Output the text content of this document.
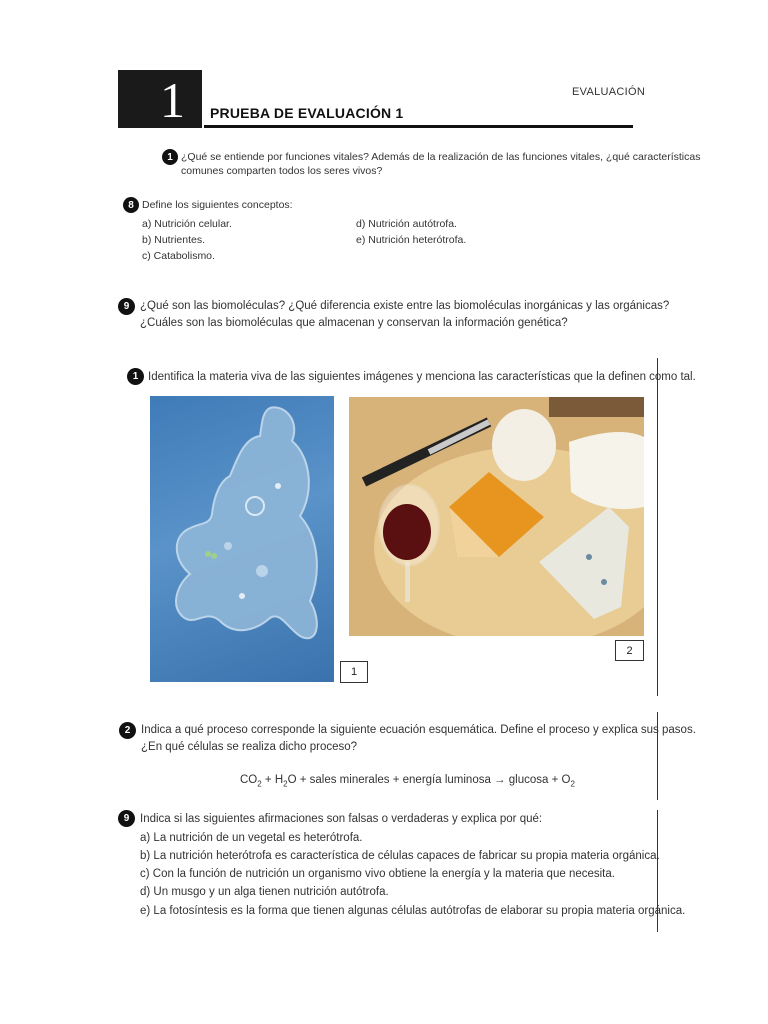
1 PRUEBA DE EVALUACIÓN 1
EVALUACIÓN
1 ¿Qué se entiende por funciones vitales? Además de la realización de las funciones vitales, ¿qué características
comunes comparten todos los seres vivos?
8 Define los siguientes conceptos:
a) Nutrición celular.
b) Nutrientes.
c) Catabolismo.
d) Nutrición autótrofa.
e) Nutrición heterótrofa.
9 ¿Qué son las biomoléculas? ¿Qué diferencia existe entre las biomoléculas inorgánicas y las orgánicas?
¿Cuáles son las biomoléculas que almacenan y conservan la información genética?
1 Identifica la materia viva de las siguientes imágenes y menciona las características que la definen como tal.
1
2
2 Indica a qué proceso corresponde la siguiente ecuación esquemática. Define el proceso y explica sus pasos.
¿En qué células se realiza dicho proceso?
$CO_2 + H_2O$ + sales minerales + energía luminosa → $glucosa + O_2$
9 Indica si las siguientes afirmaciones son falsas o verdaderas y explica por qué:
a) La nutrición de un vegetal es heterótrofa.
b) La nutrición heterótrofa es característica de células capaces de fabricar su propia materia orgánica.
c) Con la función de nutrición un organismo vivo obtiene la energía y la materia que necesita.
d) Un musgo y un alga tienen nutrición autótrofa.
e) La fotosíntesis es la forma que tienen algunas células autótrofas de elaborar su propia materia orgánica.
